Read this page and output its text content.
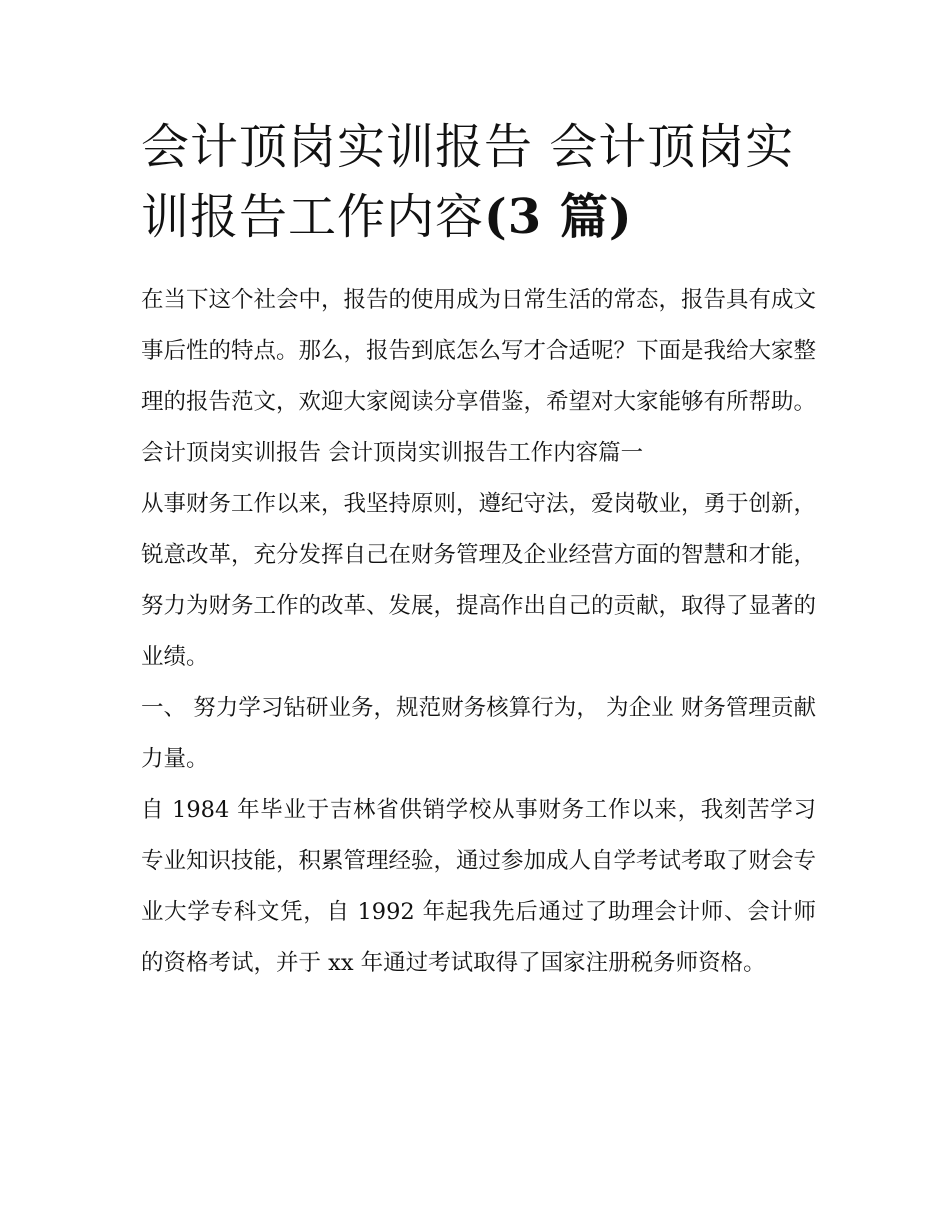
会计顶岗实训报告 会计顶岗实训报告工作内容(3 篇)

在当下这个社会中，报告的使用成为日常生活的常态，报告具有成文事后性的特点。那么，报告到底怎么写才合适呢？下面是我给大家整理的报告范文，欢迎大家阅读分享借鉴，希望对大家能够有所帮助。

会计顶岗实训报告 会计顶岗实训报告工作内容篇一

从事财务工作以来，我坚持原则，遵纪守法，爱岗敬业，勇于创新，锐意改革，充分发挥自己在财务管理及企业经营方面的智慧和才能，努力为财务工作的改革、发展，提高作出自己的贡献，取得了显著的业绩。

一、 努力学习钻研业务，规范财务核算行为， 为企业 财务管理贡献力量。

自 1984 年毕业于吉林省供销学校从事财务工作以来，我刻苦学习专业知识技能，积累管理经验，通过参加成人自学考试考取了财会专业大学专科文凭，自 1992 年起我先后通过了助理会计师、会计师的资格考试，并于 xx 年通过考试取得了国家注册税务师资格。
